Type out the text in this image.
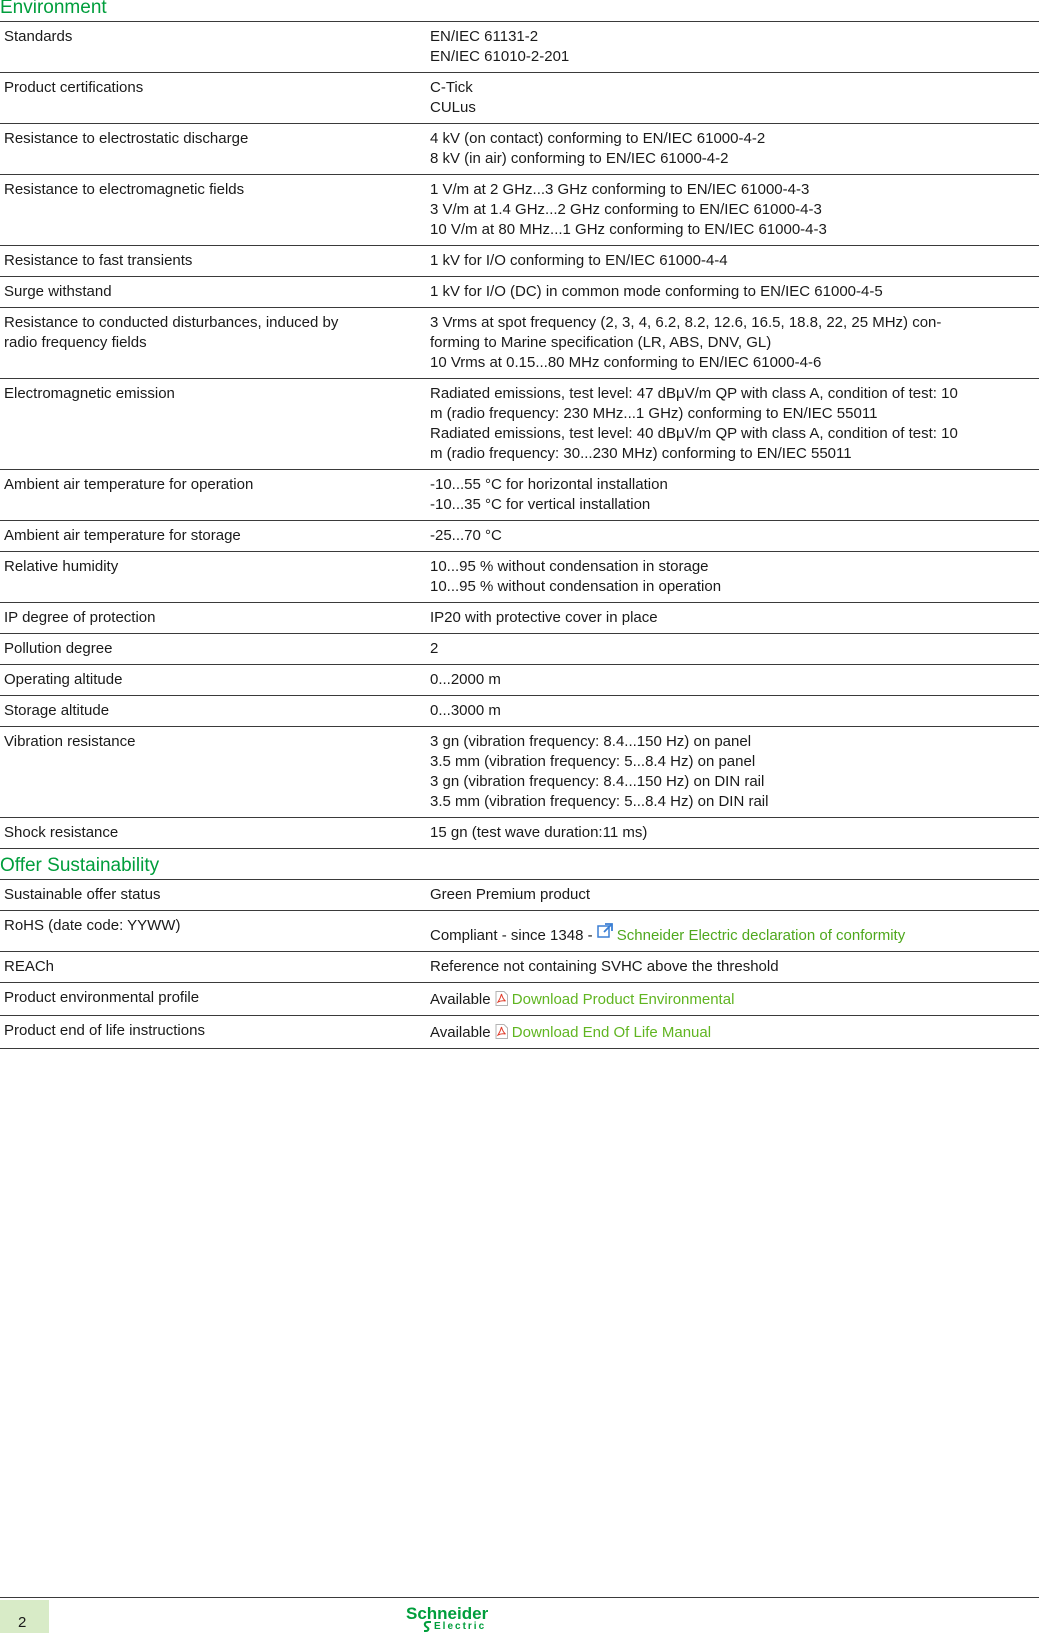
Environment
Standards	EN/IEC 61131-2
EN/IEC 61010-2-201

Product certifications	C-Tick
CULus

Resistance to electrostatic discharge	4 kV (on contact) conforming to EN/IEC 61000-4-2
8 kV (in air) conforming to EN/IEC 61000-4-2

Resistance to electromagnetic fields	1 V/m at 2 GHz...3 GHz conforming to EN/IEC 61000-4-3
3 V/m at 1.4 GHz...2 GHz conforming to EN/IEC 61000-4-3
10 V/m at 80 MHz...1 GHz conforming to EN/IEC 61000-4-3

Resistance to fast transients	1 kV for I/O conforming to EN/IEC 61000-4-4

Surge withstand	1 kV for I/O (DC) in common mode conforming to EN/IEC 61000-4-5

Resistance to conducted disturbances, induced by
radio frequency fields	3 Vrms at spot frequency (2, 3, 4, 6.2, 8.2, 12.6, 16.5, 18.8, 22, 25 MHz) con-
forming to Marine specification (LR, ABS, DNV, GL)
10 Vrms at 0.15...80 MHz conforming to EN/IEC 61000-4-6

Electromagnetic emission	Radiated emissions, test level: 47 dBμV/m QP with class A, condition of test: 10
m (radio frequency: 230 MHz...1 GHz) conforming to EN/IEC 55011
Radiated emissions, test level: 40 dBμV/m QP with class A, condition of test: 10
m (radio frequency: 30...230 MHz) conforming to EN/IEC 55011

Ambient air temperature for operation	-10...55 °C for horizontal installation
-10...35 °C for vertical installation

Ambient air temperature for storage	-25...70 °C

Relative humidity	10...95 % without condensation in storage
10...95 % without condensation in operation

IP degree of protection	IP20 with protective cover in place

Pollution degree	2

Operating altitude	0...2000 m

Storage altitude	0...3000 m

Vibration resistance	3 gn (vibration frequency: 8.4...150 Hz) on panel
3.5 mm (vibration frequency: 5...8.4 Hz) on panel
3 gn (vibration frequency: 8.4...150 Hz) on DIN rail
3.5 mm (vibration frequency: 5...8.4 Hz) on DIN rail

Shock resistance	15 gn (test wave duration:11 ms)
Offer Sustainability
Sustainable offer status	Green Premium product
RoHS (date code: YYWW)	Compliant - since 1348 - Schneider Electric declaration of conformity
REACh	Reference not containing SVHC above the threshold
Product environmental profile	Available Download Product Environmental
Product end of life instructions	Available Download End Of Life Manual
2	Schneider
Electric
